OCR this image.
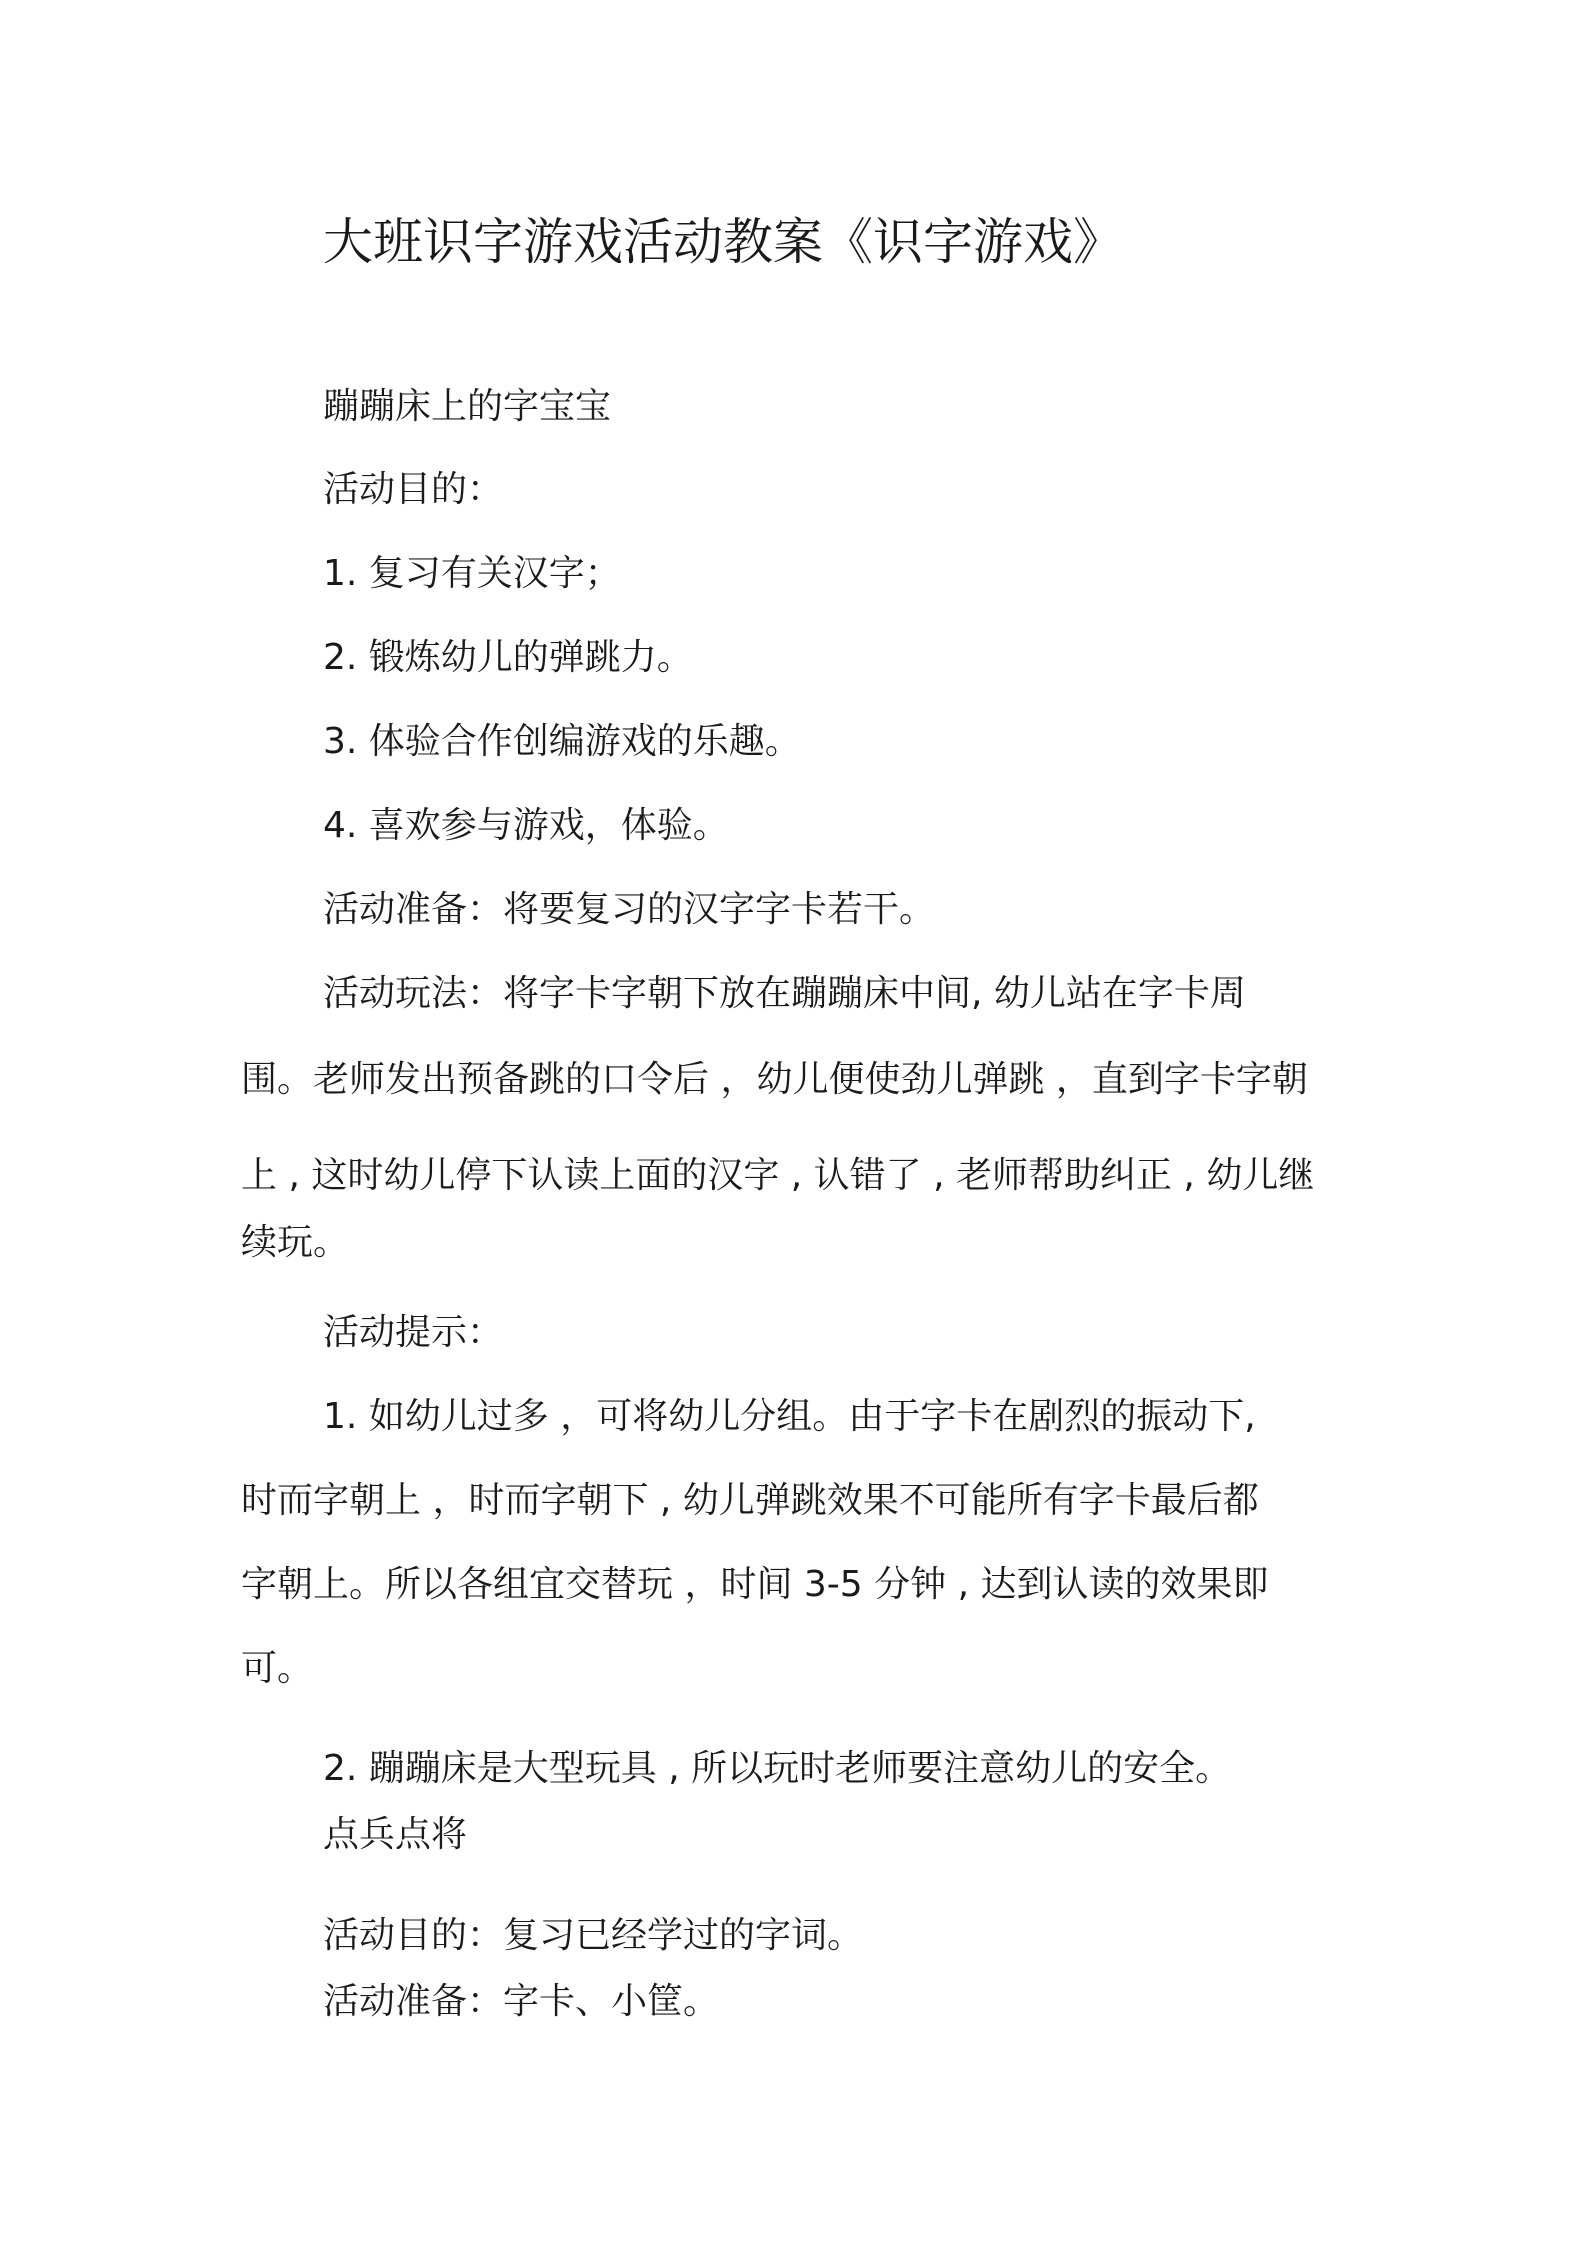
大班识字游戏活动教案《识字游戏》

蹦蹦床上的字宝宝

活动目的：

1. 复习有关汉字；

2. 锻炼幼儿的弹跳力。

3. 体验合作创编游戏的乐趣。

4. 喜欢参与游戏，体验。

活动准备：将要复习的汉字字卡若干。

活动玩法：将字卡字朝下放在蹦蹦床中间, 幼儿站在字卡周

围。老师发出预备跳的口令后 ，幼儿便使劲儿弹跳 ，直到字卡字朝

上 , 这时幼儿停下认读上面的汉字 , 认错了 , 老师帮助纠正 , 幼儿继

续玩。

活动提示：

1. 如幼儿过多 ，可将幼儿分组。由于字卡在剧烈的振动下,

时而字朝上 ，时而字朝下 , 幼儿弹跳效果不可能所有字卡最后都

字朝上。所以各组宜交替玩 ，时间 3-5 分钟 , 达到认读的效果即

可。

2. 蹦蹦床是大型玩具 , 所以玩时老师要注意幼儿的安全。

点兵点将

活动目的：复习已经学过的字词。

活动准备：字卡、小筐。
